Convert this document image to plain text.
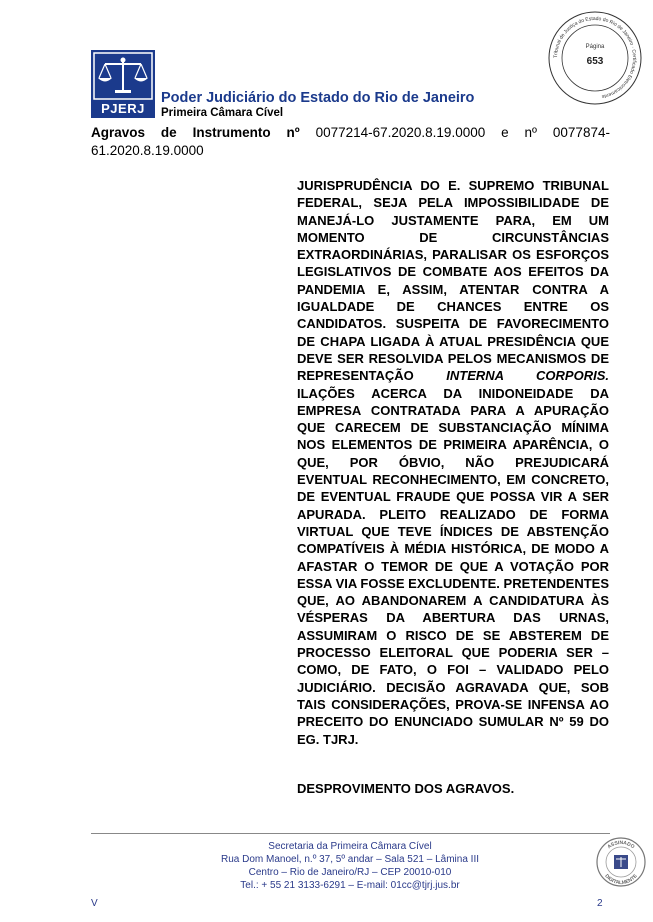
PJERJ
Poder Judiciário do Estado do Rio de Janeiro
Primeira Câmara Cível
Tribunal de Justiça do Estado do Rio de Janeiro · Certificado Eletronicamente
Página
653
Agravos de Instrumento nº 0077214-67.2020.8.19.0000 e nº 0077874-61.2020.8.19.0000
JURISPRUDÊNCIA DO E. SUPREMO TRIBUNAL FEDERAL, SEJA PELA IMPOSSIBILIDADE DE MANEJÁ-LO JUSTAMENTE PARA, EM UM MOMENTO DE CIRCUNSTÂNCIAS EXTRAORDINÁRIAS, PARALISAR OS ESFORÇOS LEGISLATIVOS DE COMBATE AOS EFEITOS DA PANDEMIA E, ASSIM, ATENTAR CONTRA A IGUALDADE DE CHANCES ENTRE OS CANDIDATOS. SUSPEITA DE FAVORECIMENTO DE CHAPA LIGADA À ATUAL PRESIDÊNCIA QUE DEVE SER RESOLVIDA PELOS MECANISMOS DE REPRESENTAÇÃO INTERNA CORPORIS. ILAÇÕES ACERCA DA INIDONEIDADE DA EMPRESA CONTRATADA PARA A APURAÇÃO QUE CARECEM DE SUBSTANCIAÇÃO MÍNIMA NOS ELEMENTOS DE PRIMEIRA APARÊNCIA, O QUE, POR ÓBVIO, NÃO PREJUDICARÁ EVENTUAL RECONHECIMENTO, EM CONCRETO, DE EVENTUAL FRAUDE QUE POSSA VIR A SER APURADA. PLEITO REALIZADO DE FORMA VIRTUAL QUE TEVE ÍNDICES DE ABSTENÇÃO COMPATÍVEIS À MÉDIA HISTÓRICA, DE MODO A AFASTAR O TEMOR DE QUE A VOTAÇÃO POR ESSA VIA FOSSE EXCLUDENTE. PRETENDENTES QUE, AO ABANDONAREM A CANDIDATURA ÀS VÉSPERAS DA ABERTURA DAS URNAS, ASSUMIRAM O RISCO DE SE ABSTEREM DE PROCESSO ELEITORAL QUE PODERIA SER – COMO, DE FATO, O FOI – VALIDADO PELO JUDICIÁRIO. DECISÃO AGRAVADA QUE, SOB TAIS CONSIDERAÇÕES, PROVA-SE INFENSA AO PRECEITO DO ENUNCIADO SUMULAR Nº 59 DO EG. TJRJ.
DESPROVIMENTO DOS AGRAVOS.
Secretaria da Primeira Câmara Cível
Rua Dom Manoel, n.º 37, 5º andar – Sala 521 – Lâmina III
Centro – Rio de Janeiro/RJ – CEP 20010-010
Tel.: + 55 21 3133-6291 – E-mail: 01cc@tjrj.jus.br
ASSINADO
DIGITALMENTE
V	2
